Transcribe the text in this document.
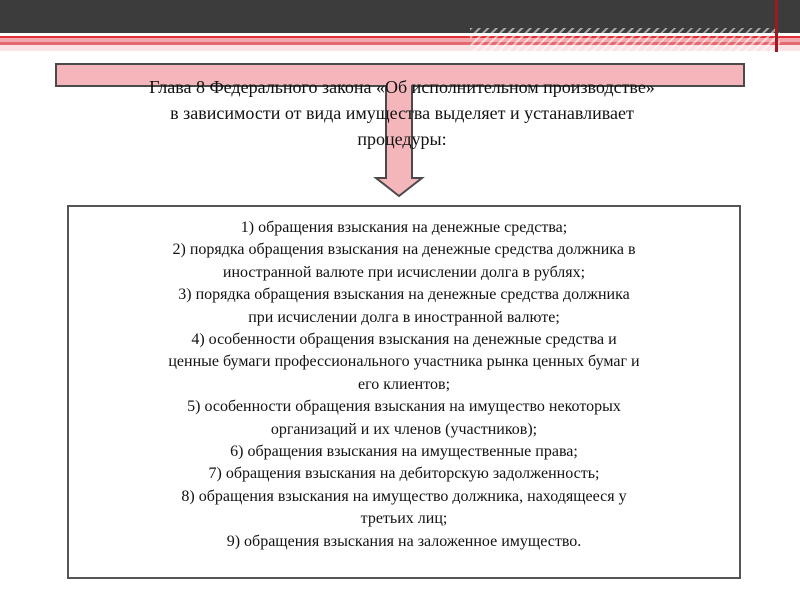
Глава 8 Федерального закона «Об исполнительном производстве»
в зависимости от вида имущества выделяет и устанавливает
процедуры:
1) обращения взыскания на денежные средства;
2) порядка обращения взыскания на денежные средства должника в
иностранной валюте при исчислении долга в рублях;
3) порядка обращения взыскания на денежные средства должника
при исчислении долга в иностранной валюте;
4) особенности обращения взыскания на денежные средства и
ценные бумаги профессионального участника рынка ценных бумаг и
его клиентов;
5) особенности обращения взыскания на имущество некоторых
организаций и их членов (участников);
6) обращения взыскания на имущественные права;
7) обращения взыскания на дебиторскую задолженность;
8) обращения взыскания на имущество должника, находящееся у
третьих лиц;
9) обращения взыскания на заложенное имущество.
